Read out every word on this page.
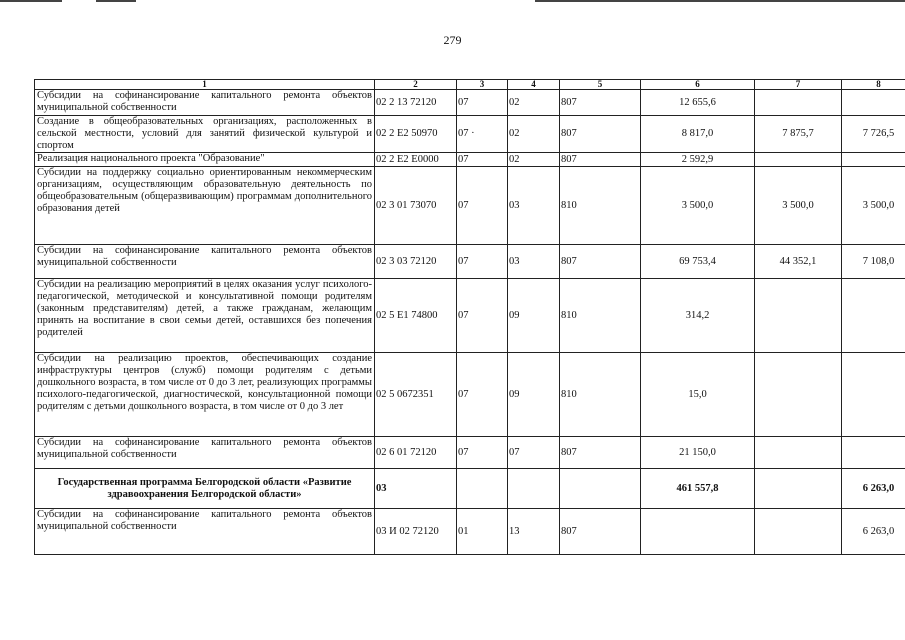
279
1	2	3	4	5	6	7	8
Субсидии на софинансирование капитального ремонта объектов муниципальной собственности	02 2 13 72120	07	02	807	12 655,6		
Создание в общеобразовательных организациях, расположенных в сельской местности, условий для занятий физической культурой и спортом	02 2 E2 50970	07 ·	02	807	8 817,0	7 875,7	7 726,5
Реализация национального проекта "Образование"	02 2 E2 E0000	07	02	807	2 592,9		
Субсидии на поддержку социально ориентированным некоммерческим организациям, осуществляющим образовательную деятельность по общеобразовательным (общеразвивающим) программам дополнительного образования детей	02 3 01 73070	07	03	810	3 500,0	3 500,0	3 500,0
Субсидии на софинансирование капитального ремонта объектов муниципальной собственности	02 3 03 72120	07	03	807	69 753,4	44 352,1	7 108,0
Субсидии на реализацию мероприятий в целях оказания услуг психолого-педагогической, методической и консультативной помощи родителям (законным представителям) детей, а также гражданам, желающим принять на воспитание в свои семьи детей, оставшихся без попечения родителей	02 5 E1 74800	07	09	810	314,2		
Субсидии на реализацию проектов, обеспечивающих создание инфраструктуры центров (служб) помощи родителям с детьми дошкольного возраста, в том числе от 0 до 3 лет, реализующих программы психолого-педагогической, диагностической, консультационной помощи родителям с детьми дошкольного возраста, в том числе от 0 до 3 лет	02 5 0672351	07	09	810	15,0		
Субсидии на софинансирование капитального ремонта объектов муниципальной собственности	02 6 01 72120	07	07	807	21 150,0		
Государственная программа Белгородской области «Развитие здравоохранения Белгородской области»	03				461 557,8		6 263,0
Субсидии на софинансирование капитального ремонта объектов муниципальной собственности	03 И 02 72120	01	13	807			6 263,0
